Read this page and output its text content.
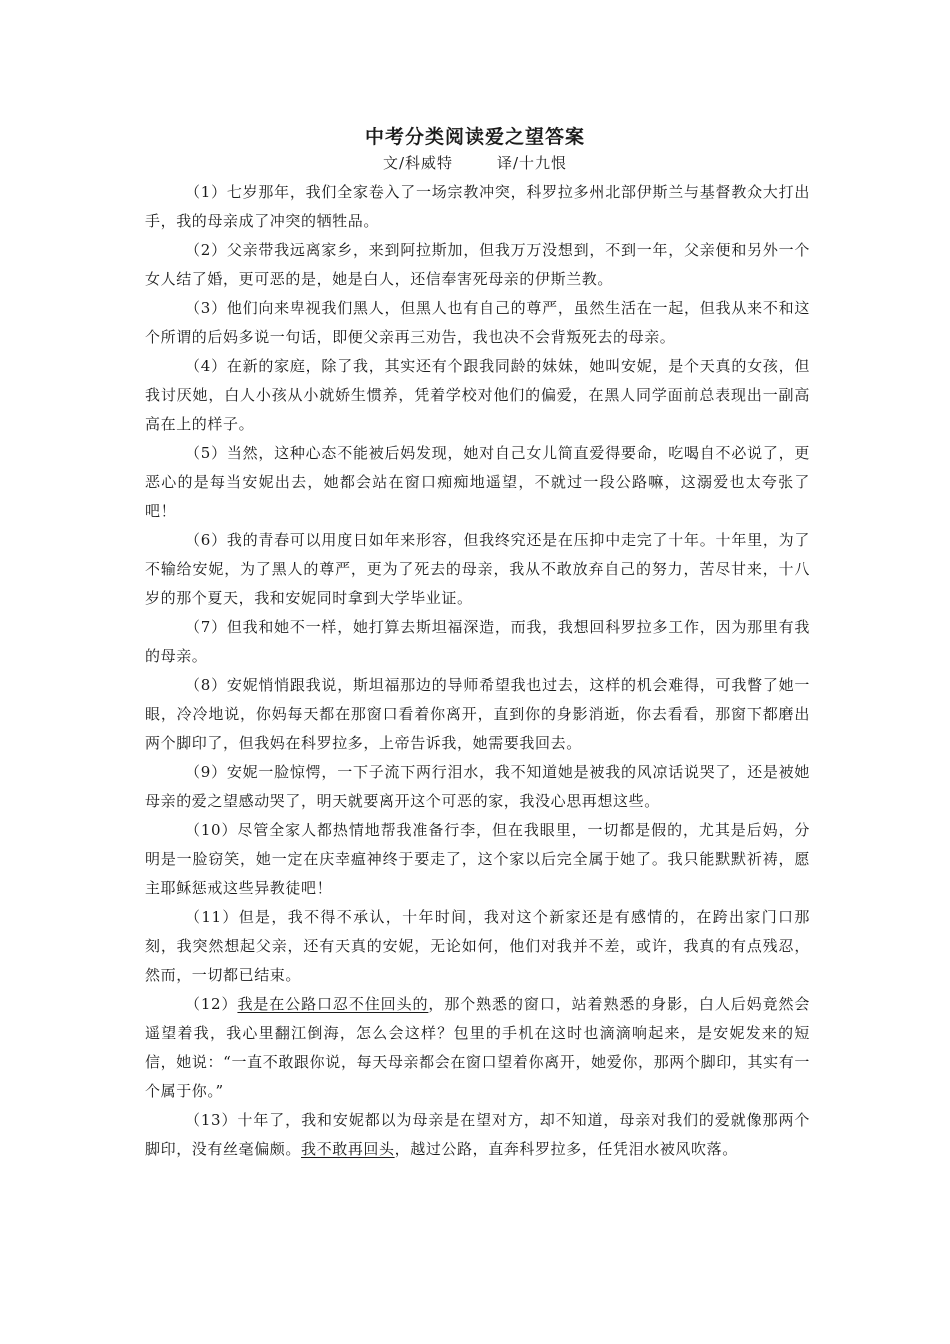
中考分类阅读爱之望答案
文/科威特	译/十九恨

（1）七岁那年，我们全家卷入了一场宗教冲突，科罗拉多州北部伊斯兰与基督教众大打出手，我的母亲成了冲突的牺牲品。

（2）父亲带我远离家乡，来到阿拉斯加，但我万万没想到，不到一年，父亲便和另外一个女人结了婚，更可恶的是，她是白人，还信奉害死母亲的伊斯兰教。

（3）他们向来卑视我们黑人，但黑人也有自己的尊严，虽然生活在一起，但我从来不和这个所谓的后妈多说一句话，即便父亲再三劝告，我也决不会背叛死去的母亲。

（4）在新的家庭，除了我，其实还有个跟我同龄的妹妹，她叫安妮，是个天真的女孩，但我讨厌她，白人小孩从小就娇生惯养，凭着学校对他们的偏爱，在黑人同学面前总表现出一副高高在上的样子。

（5）当然，这种心态不能被后妈发现，她对自己女儿简直爱得要命，吃喝自不必说了，更恶心的是每当安妮出去，她都会站在窗口痴痴地遥望，不就过一段公路嘛，这溺爱也太夸张了吧！

（6）我的青春可以用度日如年来形容，但我终究还是在压抑中走完了十年。十年里，为了不输给安妮，为了黑人的尊严，更为了死去的母亲，我从不敢放弃自己的努力，苦尽甘来，十八岁的那个夏天，我和安妮同时拿到大学毕业证。

（7）但我和她不一样，她打算去斯坦福深造，而我，我想回科罗拉多工作，因为那里有我的母亲。

（8）安妮悄悄跟我说，斯坦福那边的导师希望我也过去，这样的机会难得，可我瞥了她一眼，冷冷地说，你妈每天都在那窗口看着你离开，直到你的身影消逝，你去看看，那窗下都磨出两个脚印了，但我妈在科罗拉多，上帝告诉我，她需要我回去。

（9）安妮一脸惊愕，一下子流下两行泪水，我不知道她是被我的风凉话说哭了，还是被她母亲的爱之望感动哭了，明天就要离开这个可恶的家，我没心思再想这些。

（10）尽管全家人都热情地帮我准备行李，但在我眼里，一切都是假的，尤其是后妈，分明是一脸窃笑，她一定在庆幸瘟神终于要走了，这个家以后完全属于她了。我只能默默祈祷，愿主耶稣惩戒这些异教徒吧！

（11）但是，我不得不承认，十年时间，我对这个新家还是有感情的，在跨出家门口那刻，我突然想起父亲，还有天真的安妮，无论如何，他们对我并不差，或许，我真的有点残忍，然而，一切都已结束。

（12）我是在公路口忍不住回头的，那个熟悉的窗口，站着熟悉的身影，白人后妈竟然会遥望着我，我心里翻江倒海，怎么会这样？包里的手机在这时也滴滴响起来，是安妮发来的短信，她说：“一直不敢跟你说，每天母亲都会在窗口望着你离开，她爱你，那两个脚印，其实有一个属于你。”

（13）十年了，我和安妮都以为母亲是在望对方，却不知道，母亲对我们的爱就像那两个脚印，没有丝毫偏颇。我不敢再回头，越过公路，直奔科罗拉多，任凭泪水被风吹落。
